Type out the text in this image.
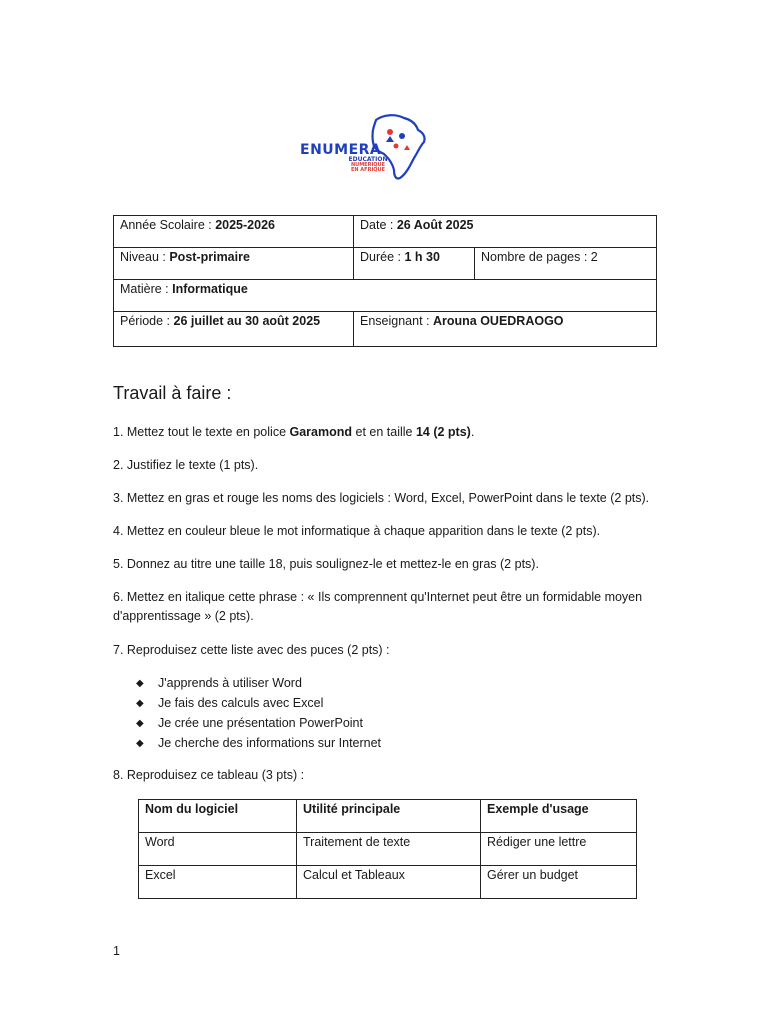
ENUMERA
EDUCATION
NUMERIQUE
EN AFRIQUE
Année Scolaire : 2025-2026	Date : 26 Août 2025	
Niveau : Post-primaire	Durée : 1 h 30	Nombre de pages : 2
Matière : Informatique		
Période : 26 juillet au 30 août 2025	Enseignant : Arouna OUEDRAOGO	
Travail à faire :
1. Mettez tout le texte en police Garamond et en taille 14 (2 pts).
2. Justifiez le texte (1 pts).
3. Mettez en gras et rouge les noms des logiciels : Word, Excel, PowerPoint dans le texte (2 pts).
4. Mettez en couleur bleue le mot informatique à chaque apparition dans le texte (2 pts).
5. Donnez au titre une taille 18, puis soulignez-le et mettez-le en gras (2 pts).
6. Mettez en italique cette phrase : « Ils comprennent qu'Internet peut être un formidable moyen d'apprentissage » (2 pts).
7. Reproduisez cette liste avec des puces (2 pts) :
◆ J'apprends à utiliser Word
◆ Je fais des calculs avec Excel
◆ Je crée une présentation PowerPoint
◆ Je cherche des informations sur Internet
8. Reproduisez ce tableau (3 pts) :
Nom du logiciel	Utilité principale	Exemple d'usage
Word	Traitement de texte	Rédiger une lettre
Excel	Calcul et Tableaux	Gérer un budget
1
